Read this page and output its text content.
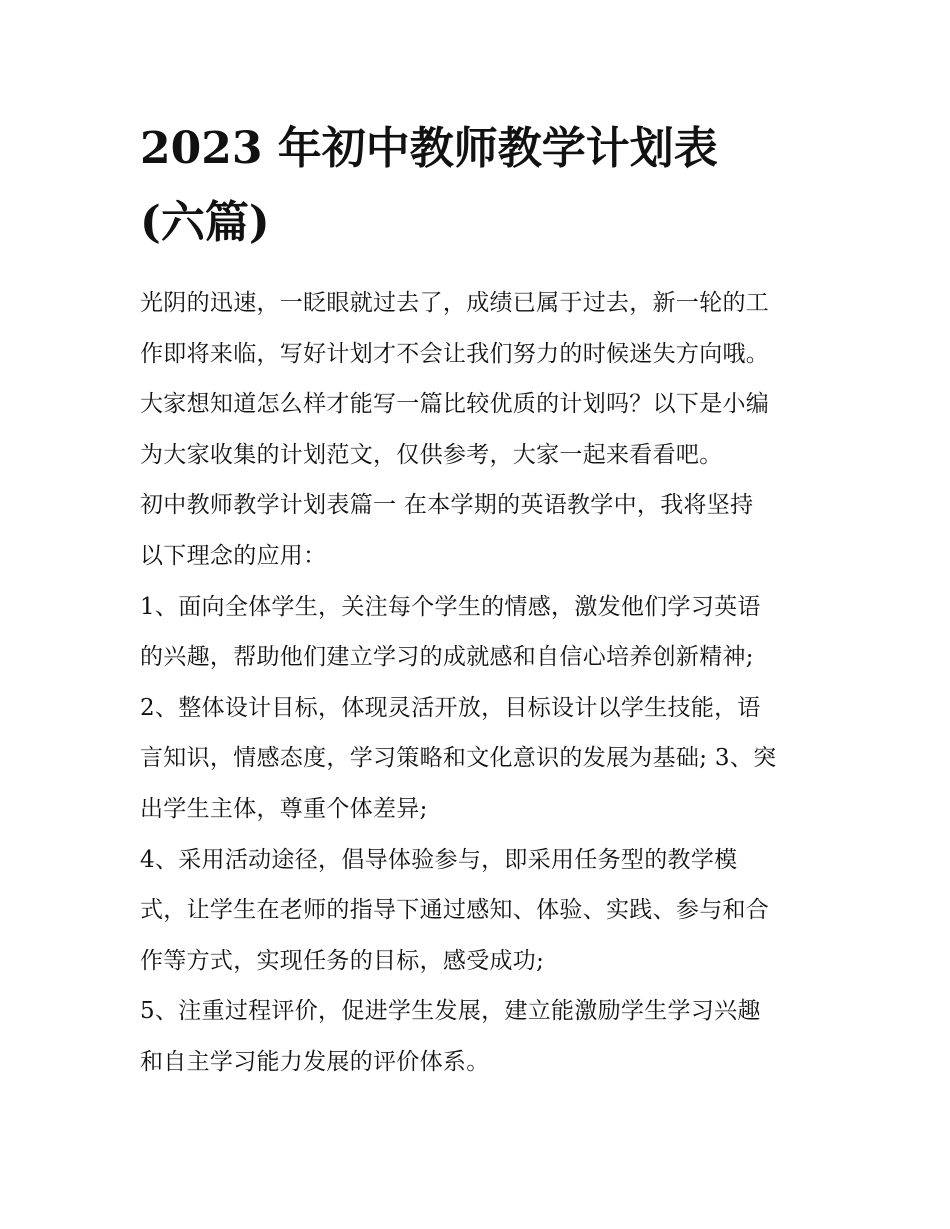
2023 年初中教师教学计划表
(六篇)
光阴的迅速，一眨眼就过去了，成绩已属于过去，新一轮的工
作即将来临，写好计划才不会让我们努力的时候迷失方向哦。
大家想知道怎么样才能写一篇比较优质的计划吗？以下是小编
为大家收集的计划范文，仅供参考，大家一起来看看吧。
初中教师教学计划表篇一 在本学期的英语教学中，我将坚持
以下理念的应用：
1、面向全体学生，关注每个学生的情感，激发他们学习英语
的兴趣，帮助他们建立学习的成就感和自信心培养创新精神;
2、整体设计目标，体现灵活开放，目标设计以学生技能，语
言知识，情感态度，学习策略和文化意识的发展为基础; 3、突
出学生主体，尊重个体差异;
4、采用活动途径，倡导体验参与，即采用任务型的教学模
式，让学生在老师的指导下通过感知、体验、实践、参与和合
作等方式，实现任务的目标，感受成功;
5、注重过程评价，促进学生发展，建立能激励学生学习兴趣
和自主学习能力发展的评价体系。
